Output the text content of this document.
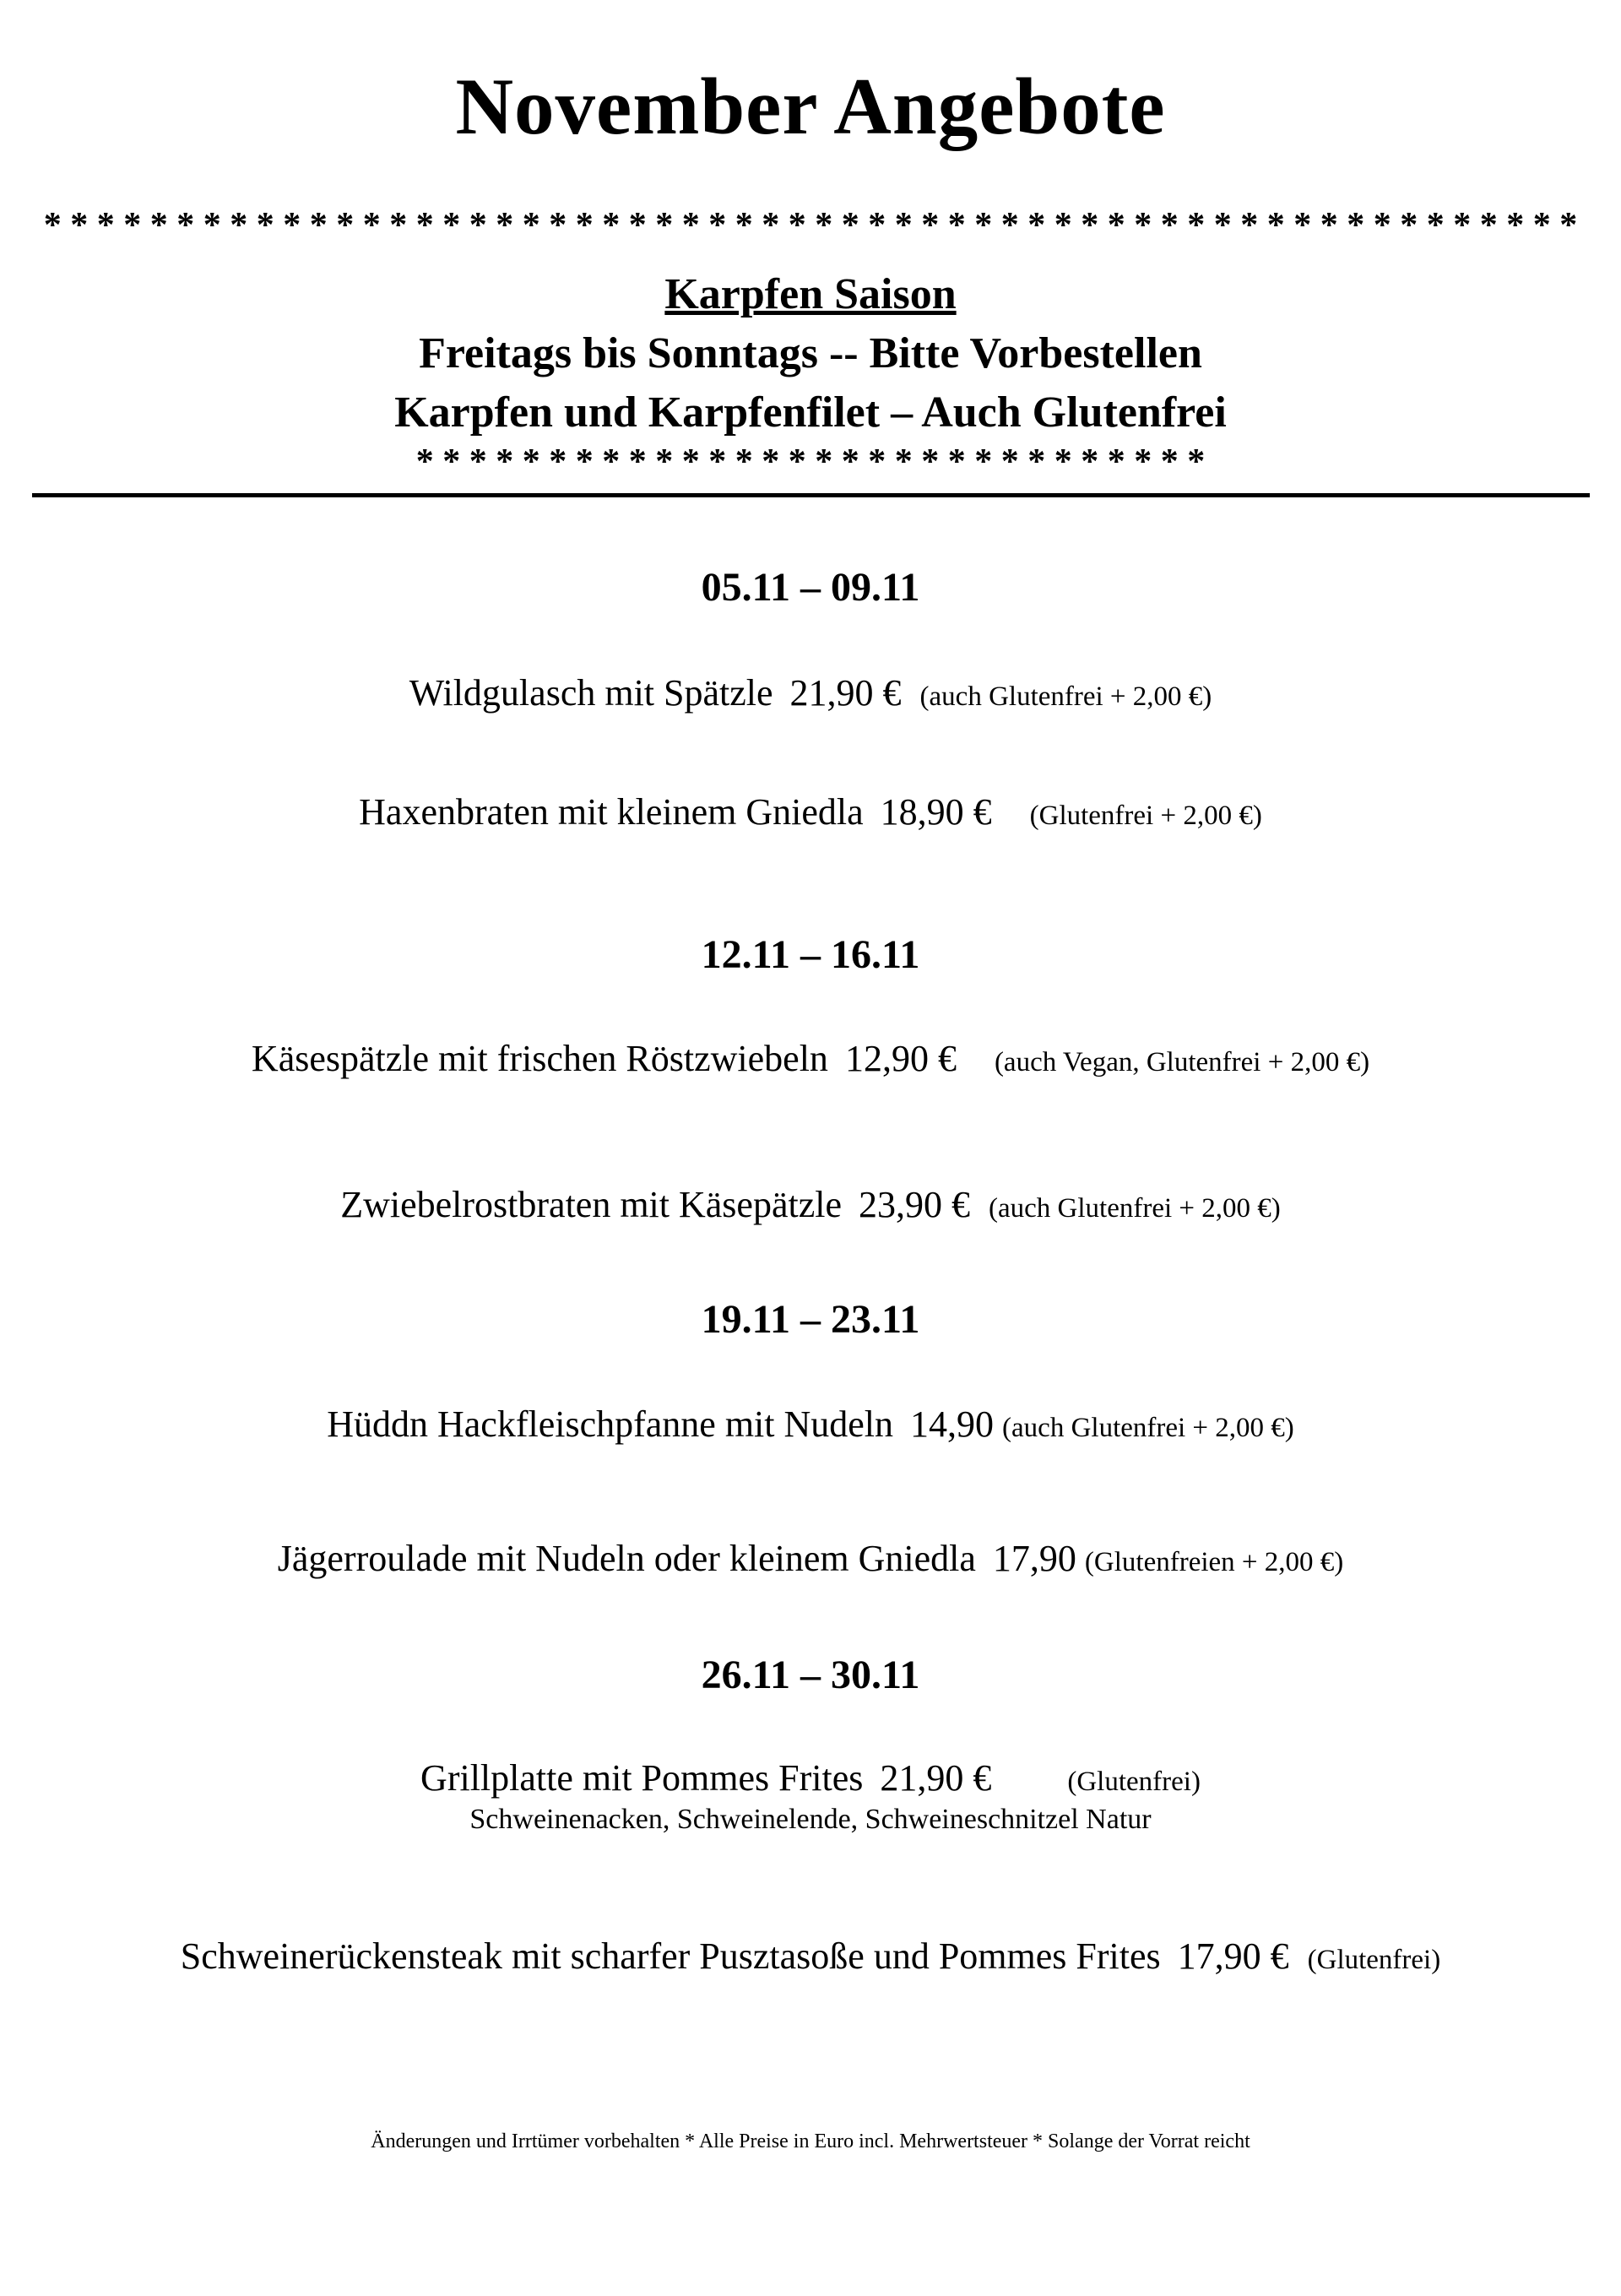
November Angebote
* * * * * * * * * * * * * * * * * * * * * * * * * * * * * * * * * * * * * * * * * * * * * * * * * * * * * * * * * *
Karpfen Saison
Freitags bis Sonntags -- Bitte Vorbestellen
Karpfen und Karpfenfilet – Auch Glutenfrei
* * * * * * * * * * * * * * * * * * * * * * * * * * * * * *
05.11 – 09.11
Wildgulasch mit Spätzle 21,90 € (auch Glutenfrei + 2,00 €)
Haxenbraten mit kleinem Gniedla 18,90 € (Glutenfrei + 2,00 €)
12.11 – 16.11
Käsespätzle mit frischen Röstzwiebeln 12,90 € (auch Vegan, Glutenfrei + 2,00 €)
Zwiebelrostbraten mit Käsepätzle 23,90 € (auch Glutenfrei + 2,00 €)
19.11 – 23.11
Hüddn Hackfleischpfanne mit Nudeln 14,90 (auch Glutenfrei + 2,00 €)
Jägerroulade mit Nudeln oder kleinem Gniedla 17,90 (Glutenfreien + 2,00 €)
26.11 – 30.11
Grillplatte mit Pommes Frites 21,90 €	(Glutenfrei)
Schweinenacken, Schweinelende, Schweineschnitzel Natur
Schweinerückensteak mit scharfer Pusztasoße und Pommes Frites 17,90 € (Glutenfrei)
Änderungen und Irrtümer vorbehalten * Alle Preise in Euro incl. Mehrwertsteuer * Solange der Vorrat reicht
